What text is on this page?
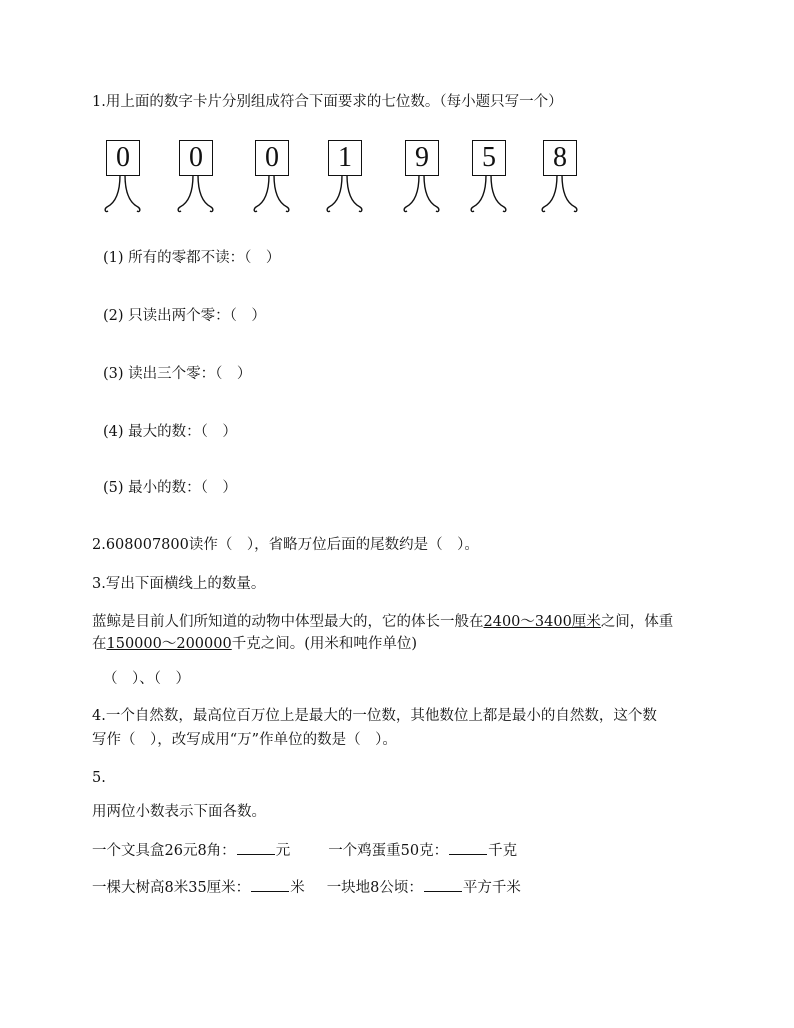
1.用上面的数字卡片分别组成符合下面要求的七位数。（每小题只写一个）
0	0	0	1	9	5	8
(1) 所有的零都不读：（　）
(2) 只读出两个零：（　）
(3) 读出三个零：（　）
(4) 最大的数：（　）
(5) 最小的数：（　）
2.608007800读作（　），省略万位后面的尾数约是（　）。
3.写出下面横线上的数量。
蓝鲸是目前人们所知道的动物中体型最大的，它的体长一般在2400～3400厘米之间，体重
在150000～200000千克之间。(用米和吨作单位)
（　）、（　）
4.一个自然数，最高位百万位上是最大的一位数，其他数位上都是最小的自然数，这个数
写作（　），改写成用“万”作单位的数是（　）。
5.
用两位小数表示下面各数。
一个文具盒26元8角：	元	一个鸡蛋重50克：	千克
一棵大树高8米35厘米：	米 一块地8公顷：	平方千米
